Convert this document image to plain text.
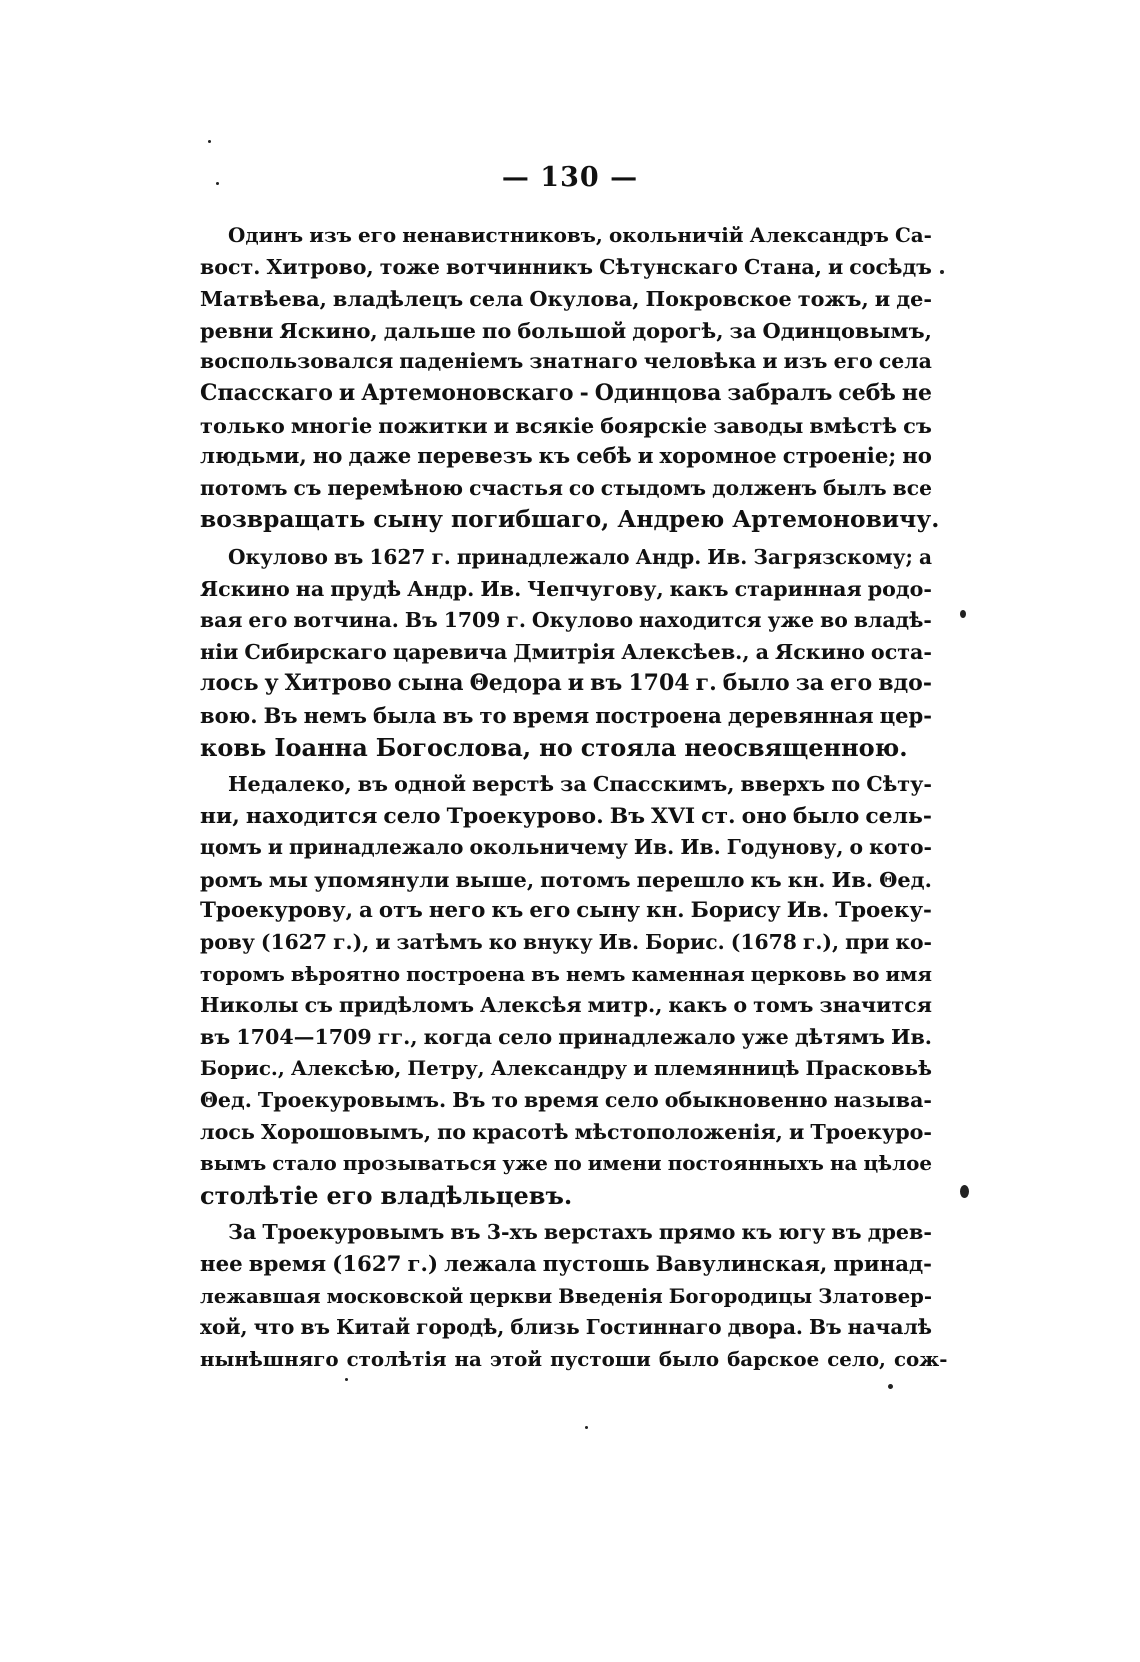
— 130 —
Одинъ изъ его ненавистниковъ, окольничій Александръ Са-
вост. Хитрово, тоже вотчинникъ Сѣтунскаго Стана, и сосѣдъ
Матвѣева, владѣлецъ села Окулова, Покровское тожъ, и де-
ревни Яскино, дальше по большой дорогѣ, за Одинцовымъ,
воспользовался паденіемъ знатнаго человѣка и изъ его села
Спасскаго и Артемоновскаго - Одинцова забралъ себѣ не
только многіе пожитки и всякіе боярскіе заводы вмѣстѣ съ
людьми, но даже перевезъ къ себѣ и хоромное строеніе; но
потомъ съ перемѣною счастья со стыдомъ долженъ былъ все
возвращать сыну погибшаго, Андрею Артемоновичу.
Окулово въ 1627 г. принадлежало Андр. Ив. Загрязскому; а
Яскино на прудѣ Андр. Ив. Чепчугову, какъ старинная родо-
вая его вотчина. Въ 1709 г. Окулово находится уже во владѣ-
ніи Сибирскаго царевича Дмитрія Алексѣев., а Яскино оста-
лось у Хитрово сына Θедора и въ 1704 г. было за его вдо-
вою. Въ немъ была въ то время построена деревянная цер-
ковь Іоанна Богослова, но стояла неосвященною.
Недалеко, въ одной верстѣ за Спасскимъ, вверхъ по Сѣту-
ни, находится село Троекурово. Въ XVI ст. оно было сель-
цомъ и принадлежало окольничему Ив. Ив. Годунову, о кото-
ромъ мы упомянули выше, потомъ перешло къ кн. Ив. Θед.
Троекурову, а отъ него къ его сыну кн. Борису Ив. Троеку-
рову (1627 г.), и затѣмъ ко внуку Ив. Борис. (1678 г.), при ко-
торомъ вѣроятно построена въ немъ каменная церковь во имя
Николы съ придѣломъ Алексѣя митр., какъ о томъ значится
въ 1704—1709 гг., когда село принадлежало уже дѣтямъ Ив.
Борис., Алексѣю, Петру, Александру и племянницѣ Прасковьѣ
Θед. Троекуровымъ. Въ то время село обыкновенно называ-
лось Хорошовымъ, по красотѣ мѣстоположенія, и Троекуро-
вымъ стало прозываться уже по имени постоянныхъ на цѣлое
столѣтіе его владѣльцевъ.
За Троекуровымъ въ 3-хъ верстахъ прямо къ югу въ древ-
нее время (1627 г.) лежала пустошь Вавулинская, принад-
лежавшая московской церкви Введенія Богородицы Златовер-
хой, что въ Китай городѣ, близь Гостиннаго двора. Въ началѣ
нынѣшняго столѣтія на этой пустоши было барское село, сож-
